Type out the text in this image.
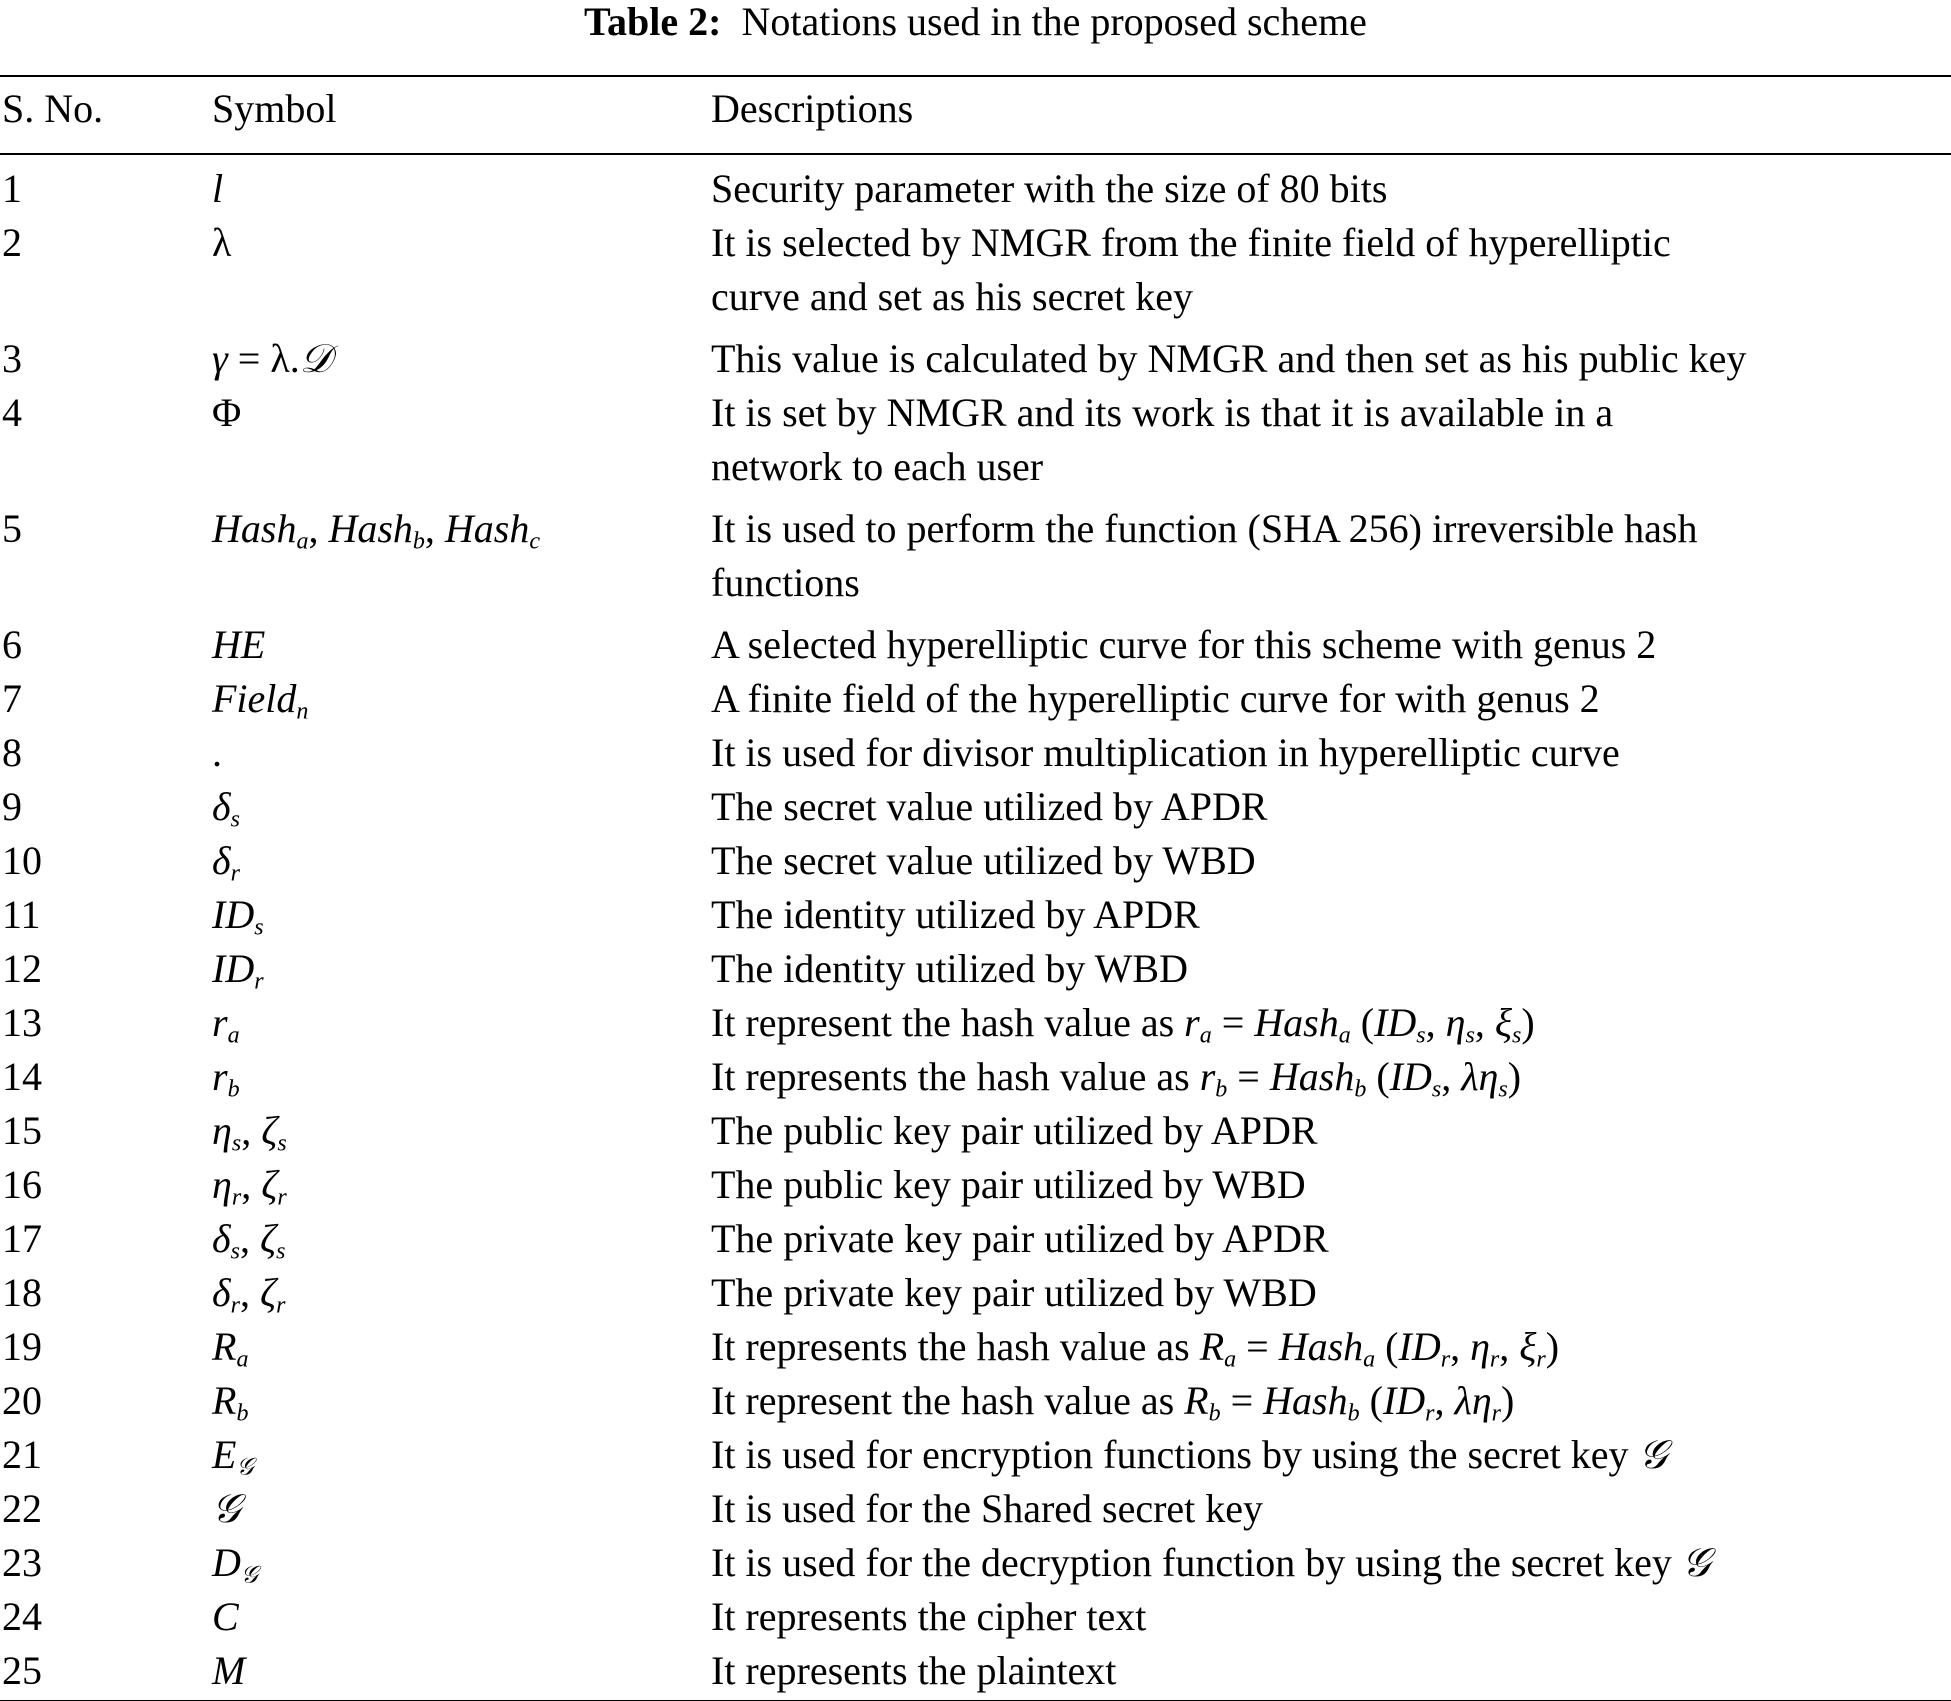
Table 2: Notations used in the proposed scheme
S. No.	Symbol	Descriptions
1	l	Security parameter with the size of 80 bits
2	λ	It is selected by NMGR from the finite field of hyperelliptic
curve and set as his secret key
3	γ = λ.𝒟	This value is calculated by NMGR and then set as his public key
4	Φ	It is set by NMGR and its work is that it is available in a
network to each user
5	Hash$_a$, Hash$_b$, Hash$_c$	It is used to perform the function (SHA 256) irreversible hash
functions
6	HE	A selected hyperelliptic curve for this scheme with genus 2
7	Field$_n$	A finite field of the hyperelliptic curve for with genus 2
8	.	It is used for divisor multiplication in hyperelliptic curve
9	$\delta_s$	The secret value utilized by APDR
10	$\delta_r$	The secret value utilized by WBD
11	$ID_s$	The identity utilized by APDR
12	$ID_r$	The identity utilized by WBD
13	$r_a$	It represent the hash value as $r_a$ = Hash$_a$ ($ID_s$, $\eta_s$, $\xi_s$)
14	$r_b$	It represents the hash value as $r_b$ = Hash$_b$ ($ID_s$, $\lambda\eta_s$)
15	$\eta_s$, $\zeta_s$	The public key pair utilized by APDR
16	$\eta_r$, $\zeta_r$	The public key pair utilized by WBD
17	$\delta_s$, $\zeta_s$	The private key pair utilized by APDR
18	$\delta_r$, $\zeta_r$	The private key pair utilized by WBD
19	$R_a$	It represents the hash value as $R_a$ = Hash$_a$ ($ID_r$, $\eta_r$, $\xi_r$)
20	$R_b$	It represent the hash value as $R_b$ = Hash$_b$ ($ID_r$, $\lambda\eta_r$)
21	$E_𝒢$	It is used for encryption functions by using the secret key 𝒢
22	𝒢	It is used for the Shared secret key
23	$D_𝒢$	It is used for the decryption function by using the secret key 𝒢
24	C	It represents the cipher text
25	M	It represents the plaintext
